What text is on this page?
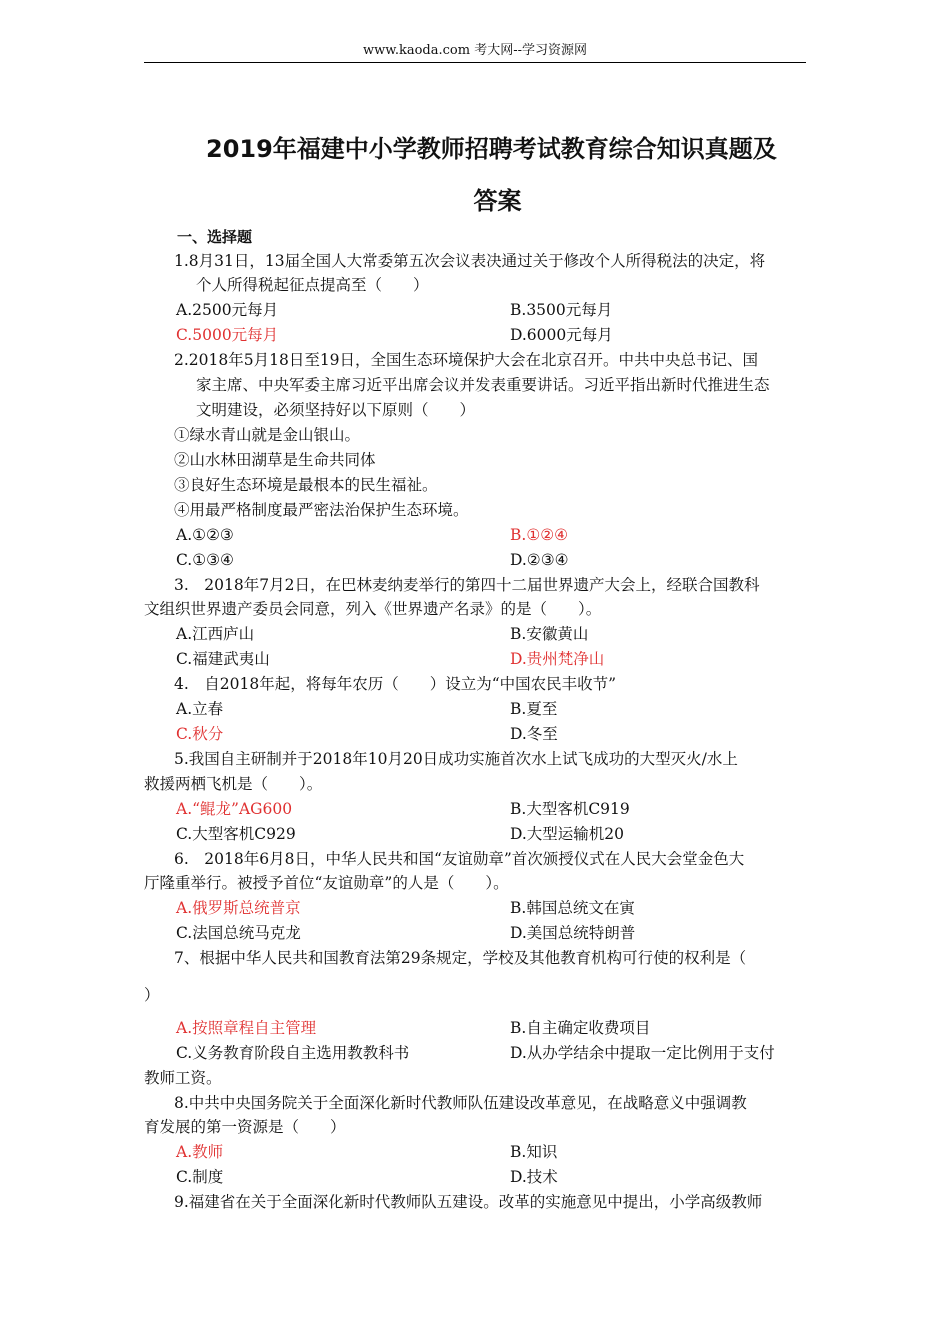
www.kaoda.com 考大网--学习资源网
2019年福建中小学教师招聘考试教育综合知识真题及
答案
一、选择题
1.8月31日，13届全国人大常委第五次会议表决通过关于修改个人所得税法的决定，将
个人所得税起征点提高至（　　）
A.2500元每月	B.3500元每月
C.5000元每月	D.6000元每月
2.2018年5月18日至19日，全国生态环境保护大会在北京召开。中共中央总书记、国
家主席、中央军委主席习近平出席会议并发表重要讲话。习近平指出新时代推进生态
文明建设，必须坚持好以下原则（　　）
①绿水青山就是金山银山。
②山水林田湖草是生命共同体
③良好生态环境是最根本的民生福祉。
④用最严格制度最严密法治保护生态环境。
A.①②③	B.①②④
C.①③④	D.②③④
3.　2018年7月2日，在巴林麦纳麦举行的第四十二届世界遗产大会上，经联合国教科
文组织世界遗产委员会同意，列入《世界遗产名录》的是（　　）。
A.江西庐山	B.安徽黄山
C.福建武夷山	D.贵州梵净山
4.　自2018年起，将每年农历（　　）设立为“中国农民丰收节”
A.立春	B.夏至
C.秋分	D.冬至
5.我国自主研制并于2018年10月20日成功实施首次水上试飞成功的大型灭火/水上
救援两栖飞机是（　　）。
A.“鲲龙”AG600	B.大型客机C919
C.大型客机C929	D.大型运输机20
6.　2018年6月8日，中华人民共和国“友谊勋章”首次颁授仪式在人民大会堂金色大
厅隆重举行。被授予首位“友谊勋章”的人是（　　）。
A.俄罗斯总统普京	B.韩国总统文在寅
C.法国总统马克龙	D.美国总统特朗普
7、根据中华人民共和国教育法第29条规定，学校及其他教育机构可行使的权利是（
）
A.按照章程自主管理	B.自主确定收费项目
C.义务教育阶段自主选用教教科书	D.从办学结余中提取一定比例用于支付
教师工资。
8.中共中央国务院关于全面深化新时代教师队伍建设改革意见，在战略意义中强调教
育发展的第一资源是（　　）
A.教师	B.知识
C.制度	D.技术
9.福建省在关于全面深化新时代教师队五建设。改革的实施意见中提出，小学高级教师
